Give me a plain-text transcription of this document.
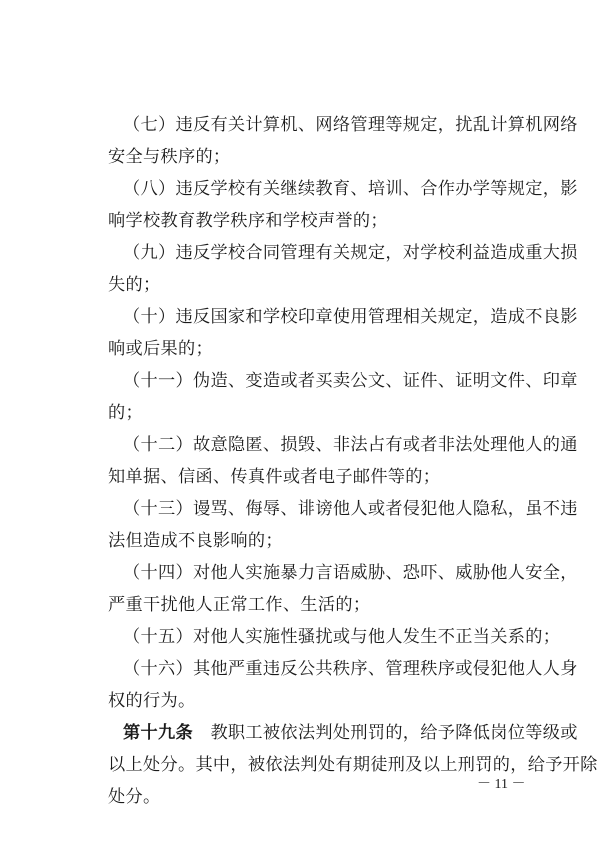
（七）违反有关计算机、网络管理等规定，扰乱计算机网络
安全与秩序的；
（八）违反学校有关继续教育、培训、合作办学等规定，影
响学校教育教学秩序和学校声誉的；
（九）违反学校合同管理有关规定，对学校利益造成重大损
失的；
（十）违反国家和学校印章使用管理相关规定，造成不良影
响或后果的；
（十一）伪造、变造或者买卖公文、证件、证明文件、印章
的；
（十二）故意隐匿、损毁、非法占有或者非法处理他人的通
知单据、信函、传真件或者电子邮件等的；
（十三）谩骂、侮辱、诽谤他人或者侵犯他人隐私，虽不违
法但造成不良影响的；
（十四）对他人实施暴力言语威胁、恐吓、威胁他人安全，
严重干扰他人正常工作、生活的；
（十五）对他人实施性骚扰或与他人发生不正当关系的；
（十六）其他严重违反公共秩序、管理秩序或侵犯他人人身
权的行为。
第十九条　教职工被依法判处刑罚的，给予降低岗位等级或
以上处分。其中，被依法判处有期徒刑及以上刑罚的，给予开除
处分。
－ 11 －
